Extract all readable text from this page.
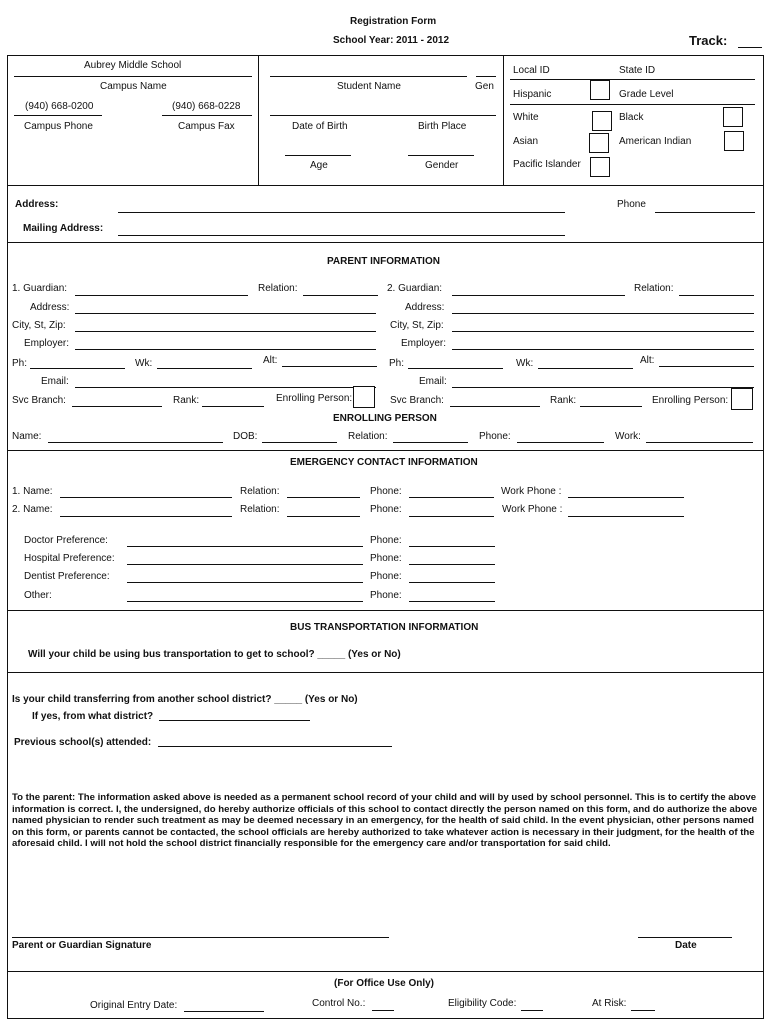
Registration Form
School Year: 2011 - 2012	Track:
Aubrey Middle School
Campus Name
(940) 668-0200	(940) 668-0228
Campus Phone	Campus Fax
Student Name	Gen
Date of Birth	Birth Place
Age	Gender
Local ID	State ID
Hispanic	Grade Level
White	Black
Asian	American Indian
Pacific Islander
Address:	Phone
Mailing Address:
PARENT INFORMATION
1. Guardian:	Relation:
Address:
City, St, Zip:
Employer:
Ph:	Wk:	Alt:
Email:
Svc Branch:	Rank:	Enrolling Person:
2. Guardian:	Relation:
Address:
City, St, Zip:
Employer:
Ph:	Wk:	Alt:
Email:
Svc Branch:	Rank:	Enrolling Person:
ENROLLING PERSON
Name:	DOB:	Relation:	Phone:	Work:
EMERGENCY CONTACT INFORMATION
1. Name:	Relation:	Phone:	Work Phone :
2. Name:	Relation:	Phone:	Work Phone :
Doctor Preference:	Phone:
Hospital Preference:	Phone:
Dentist Preference:	Phone:
Other:	Phone:
BUS TRANSPORTATION INFORMATION
Will your child be using bus transportation to get to school? _____ (Yes or No)
Is your child transferring from another school district? _____ (Yes or No)
If yes, from what district?
Previous school(s) attended:
To the parent: The information asked above is needed as a permanent school record of your child and will by used by school personnel. This is to certify the above information is correct. I, the undersigned, do hereby authorize officials of this school to contact directly the person named on this form, and do authorize the above named physician to render such treatment as may be deemed necessary in an emergency, for the health of said child. In the event physician, other persons named on this form, or parents cannot be contacted, the school officials are hereby authorized to take whatever action is necessary in their judgment, for the health of the aforesaid child. I will not hold the school district financially responsible for the emergency care and/or transportation for said child.
Parent or Guardian Signature	Date
(For Office Use Only)
Original Entry Date:	Control No.:	Eligibility Code:	At Risk:
